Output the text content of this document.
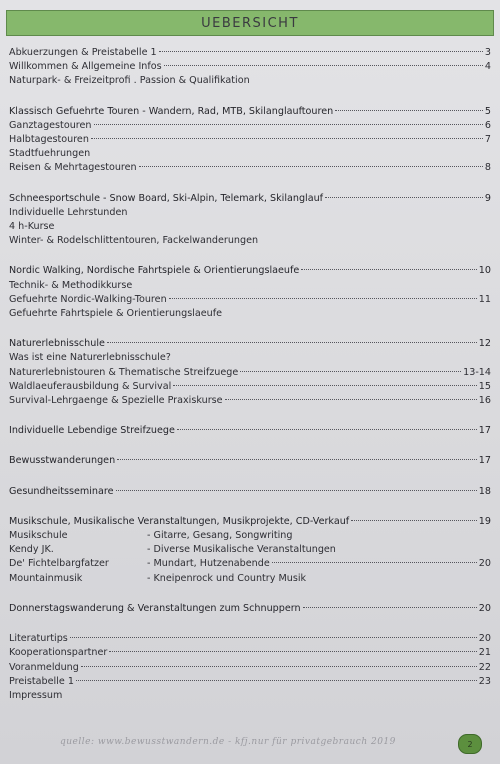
UEBERSICHT
Abkuerzungen & Preistabelle 1	3
Willkommen & Allgemeine Infos	4
Naturpark- & Freizeitprofi . Passion & Qualifikation
Klassisch Gefuehrte Touren - Wandern, Rad, MTB, Skilanglauftouren	5
Ganztagestouren	6
Halbtagestouren	7
Stadtfuehrungen
Reisen & Mehrtagestouren	8
Schneesportschule - Snow Board, Ski-Alpin, Telemark, Skilanglauf	9
Individuelle Lehrstunden
4 h-Kurse
Winter- & Rodelschlittentouren, Fackelwanderungen
Nordic Walking, Nordische Fahrtspiele & Orientierungslaeufe	10
Technik- & Methodikkurse
Gefuehrte Nordic-Walking-Touren	11
Gefuehrte Fahrtspiele & Orientierungslaeufe
Naturerlebnisschule	12
Was ist eine Naturerlebnisschule?
Naturerlebnistouren & Thematische Streifzuege	13-14
Waldlaeuferausbildung & Survival	15
Survival-Lehrgaenge & Spezielle Praxiskurse	16
Individuelle Lebendige Streifzuege	17
Bewusstwanderungen	17
Gesundheitsseminare	18
Musikschule, Musikalische Veranstaltungen, Musikprojekte, CD-Verkauf	19
Musikschule	- Gitarre, Gesang, Songwriting
Kendy JK.	- Diverse Musikalische Veranstaltungen
De' Fichtelbargfatzer	- Mundart, Hutzenabende	20
Mountainmusik	- Kneipenrock und Country Musik
Donnerstagswanderung & Veranstaltungen zum Schnuppern	20
Literaturtips	20
Kooperationspartner	21
Voranmeldung	22
Preistabelle 1	23
Impressum
quelle: www.bewusstwandern.de - kfj.nur für privatgebrauch 2019	2
